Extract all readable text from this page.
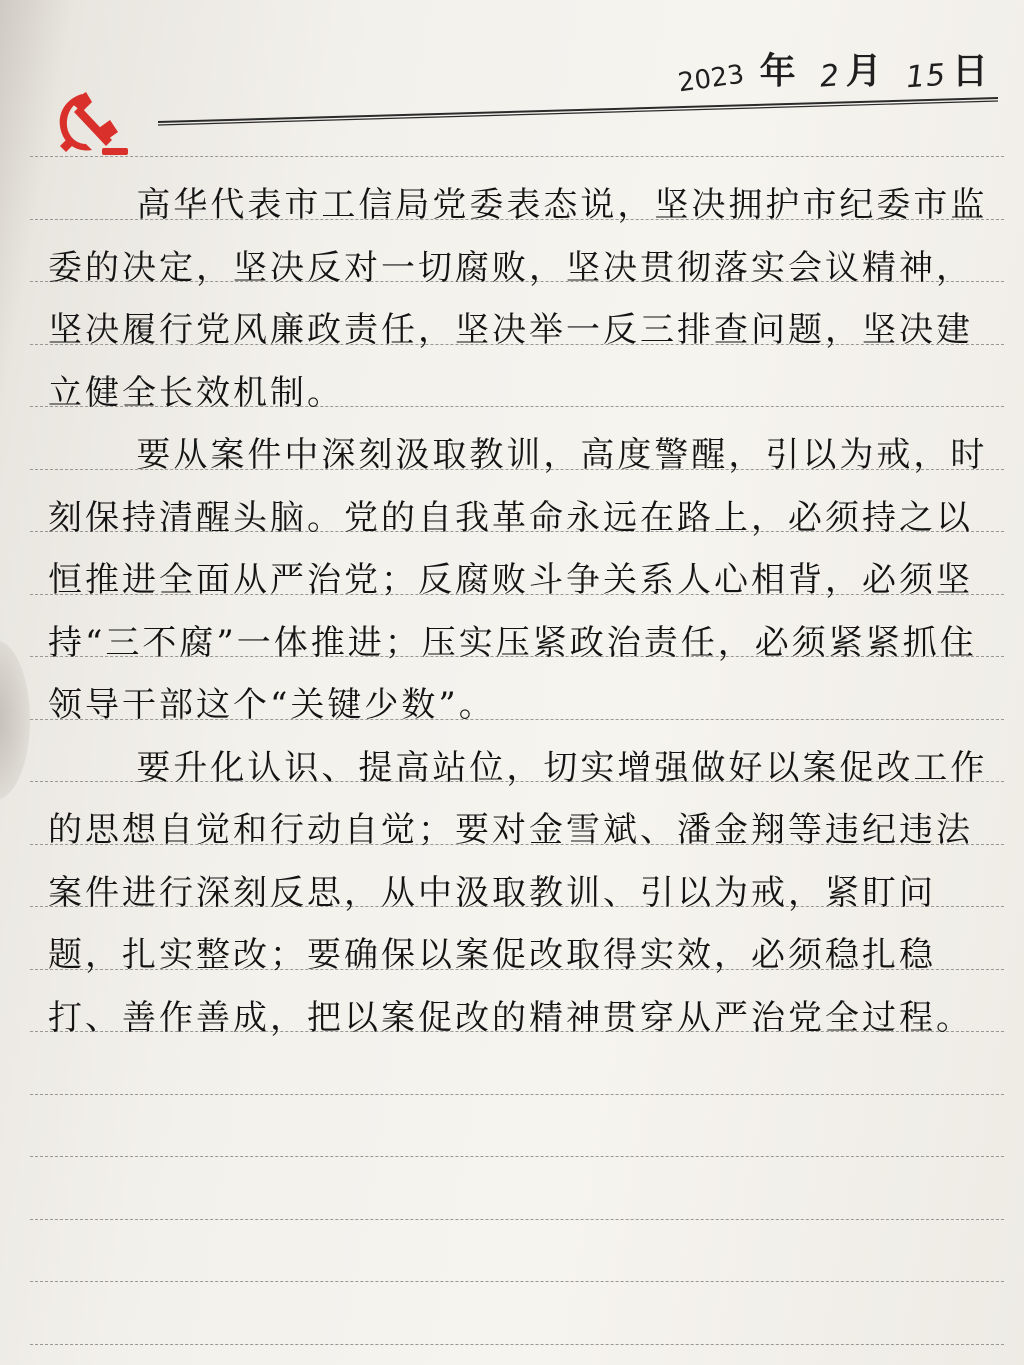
2023 年 2 月 15 日

高华代表市工信局党委表态说，坚决拥护市纪委市监委的决定，坚决反对一切腐败，坚决贯彻落实会议精神，坚决履行党风廉政责任，坚决举一反三排查问题，坚决建立健全长效机制。

要从案件中深刻汲取教训，高度警醒，引以为戒，时刻保持清醒头脑。党的自我革命永远在路上，必须持之以恒推进全面从严治党；反腐败斗争关系人心相背，必须坚持“三不腐”一体推进；压实压紧政治责任，必须紧紧抓住领导干部这个“关键少数”。

要升化认识、提高站位，切实增强做好以案促改工作的思想自觉和行动自觉；要对金雪斌、潘金翔等违纪违法案件进行深刻反思，从中汲取教训、引以为戒，紧盯问题，扎实整改；要确保以案促改取得实效，必须稳扎稳打、善作善成，把以案促改的精神贯穿从严治党全过程。
